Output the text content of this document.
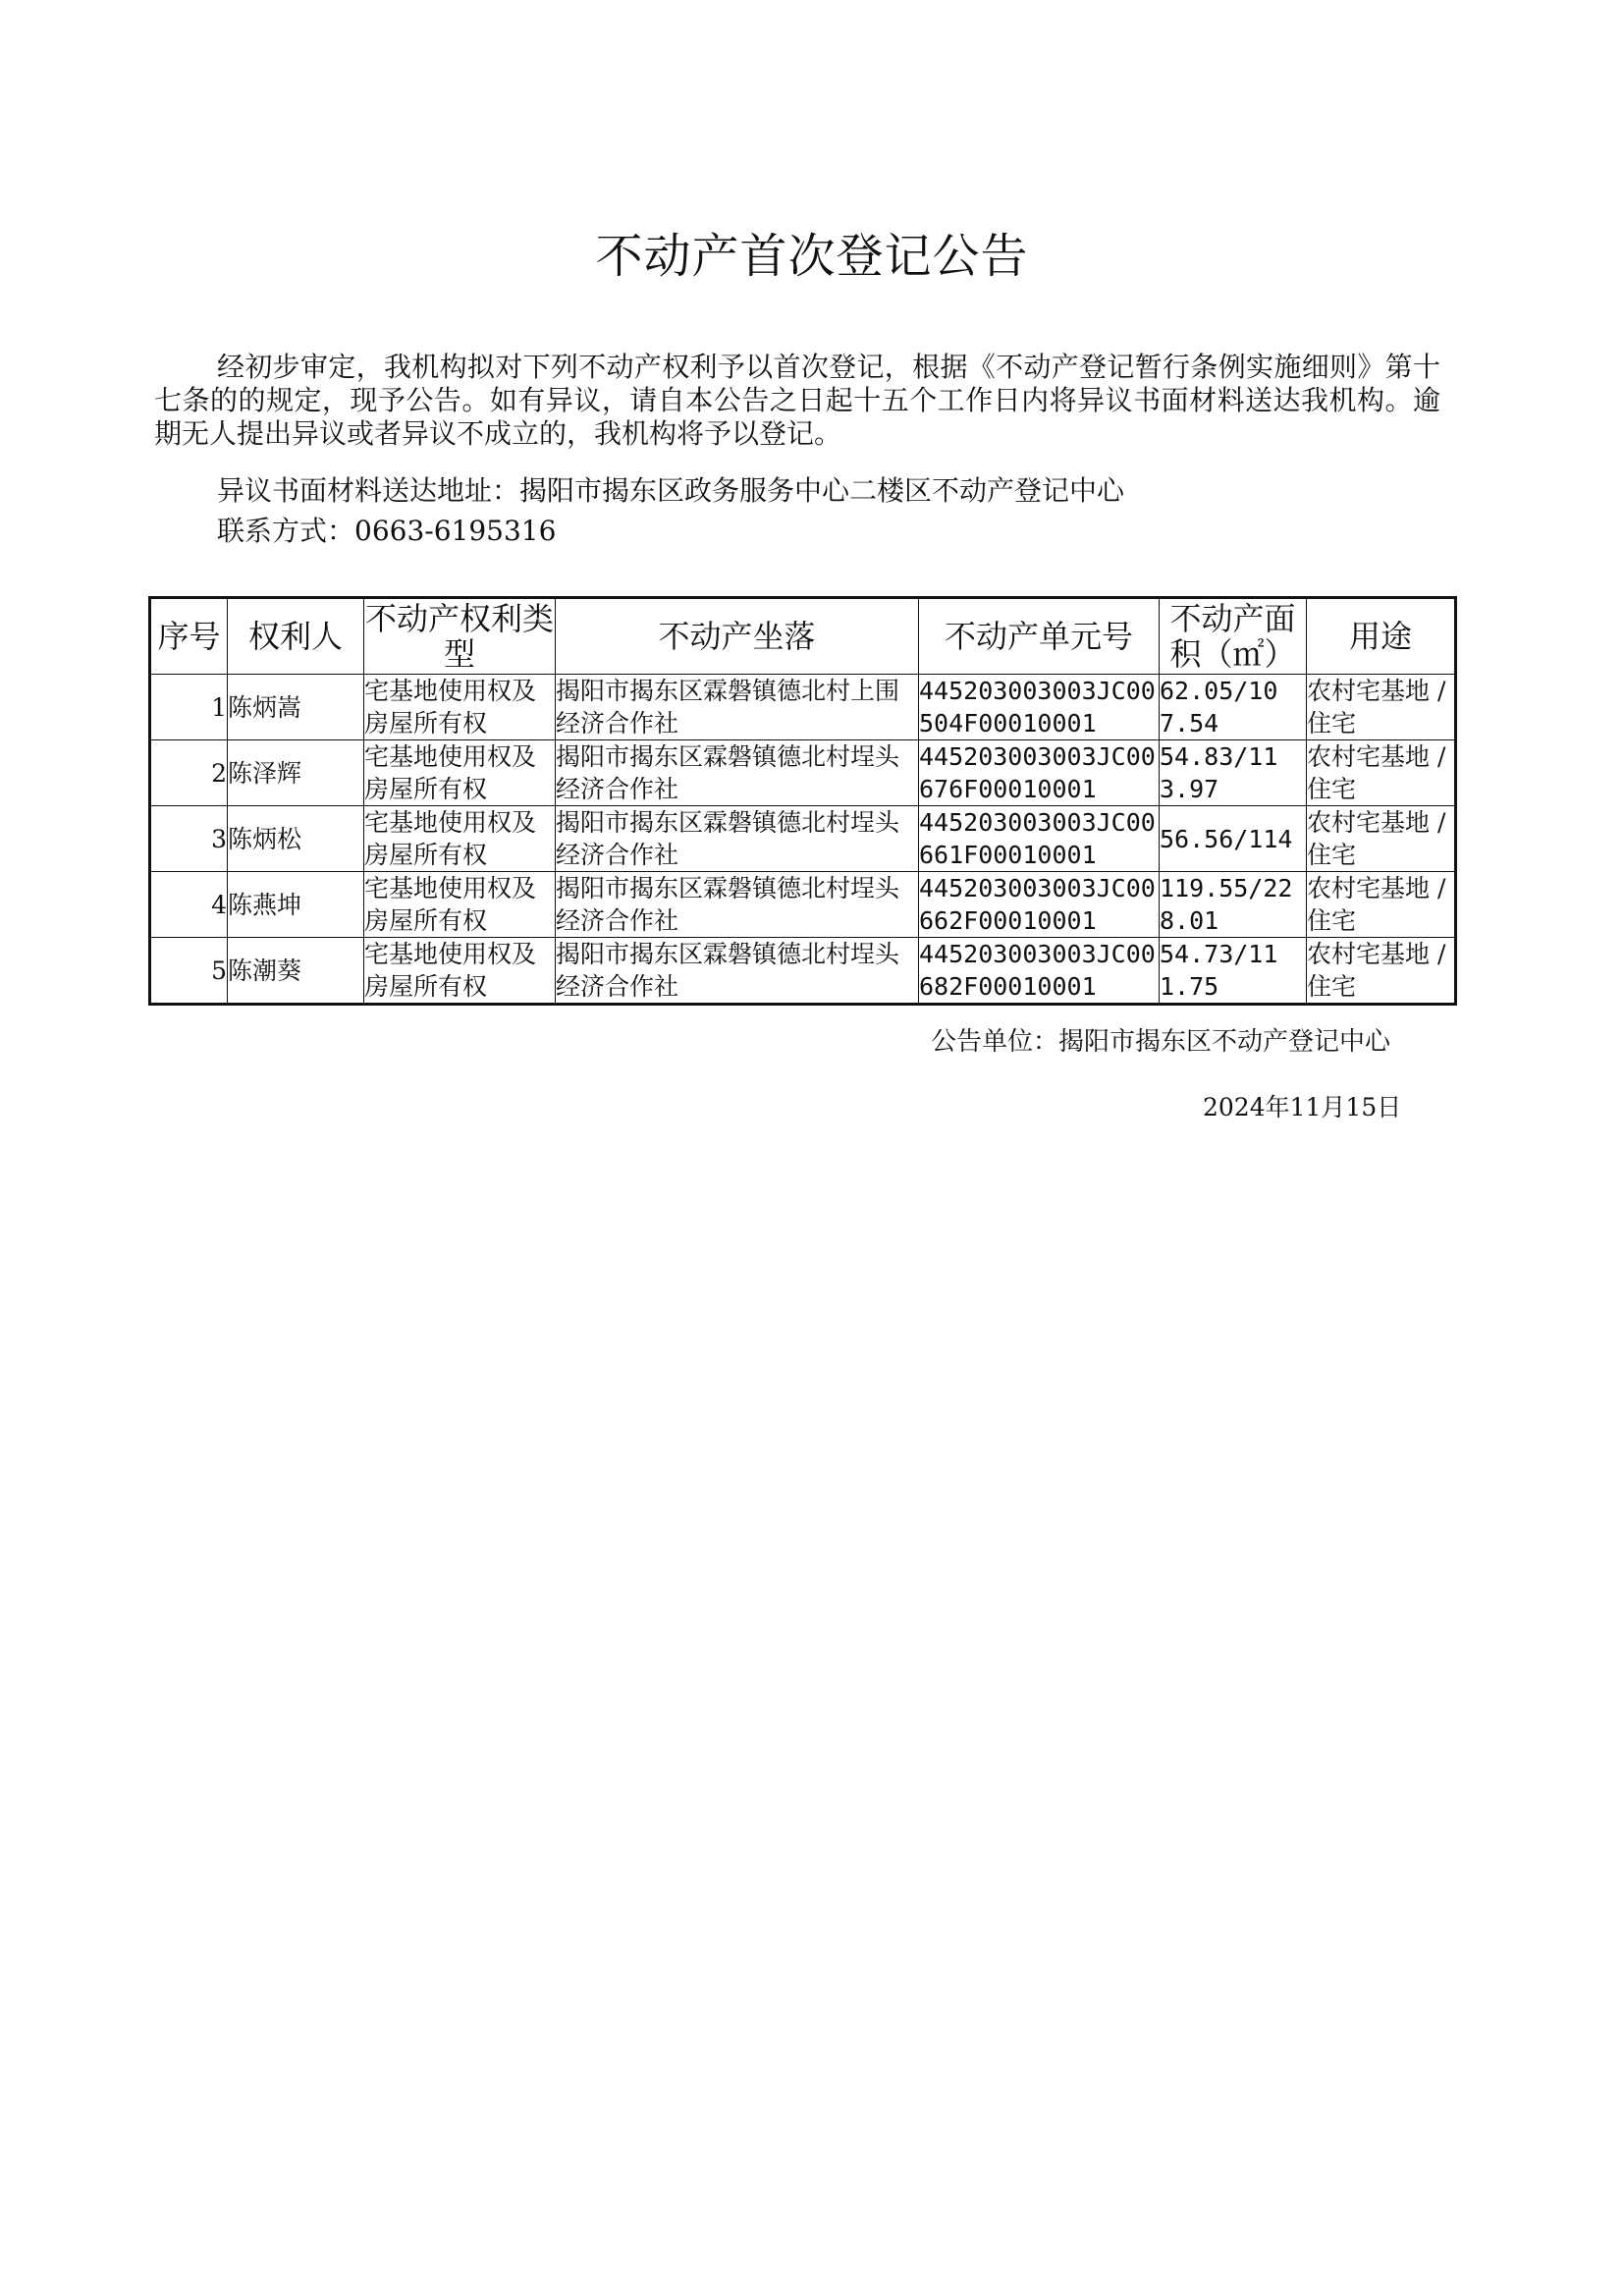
不动产首次登记公告
经初步审定，我机构拟对下列不动产权利予以首次登记，根据《不动产登记暂行条例实施细则》第十七条的的规定，现予公告。如有异议，请自本公告之日起十五个工作日内将异议书面材料送达我机构。逾期无人提出异议或者异议不成立的，我机构将予以登记。
异议书面材料送达地址：揭阳市揭东区政务服务中心二楼区不动产登记中心
联系方式：0663-6195316
序号	权利人	不动产权利类型	不动产坐落	不动产单元号	不动产面积（㎡）	用途
1	陈炳嵩	宅基地使用权及房屋所有权	揭阳市揭东区霖磐镇德北村上围经济合作社	445203003003JC00504F00010001	62.05/107.54	农村宅基地 / 住宅
2	陈泽辉	宅基地使用权及房屋所有权	揭阳市揭东区霖磐镇德北村埕头经济合作社	445203003003JC00676F00010001	54.83/113.97	农村宅基地 / 住宅
3	陈炳松	宅基地使用权及房屋所有权	揭阳市揭东区霖磐镇德北村埕头经济合作社	445203003003JC00661F00010001	56.56/114	农村宅基地 / 住宅
4	陈燕坤	宅基地使用权及房屋所有权	揭阳市揭东区霖磐镇德北村埕头经济合作社	445203003003JC00662F00010001	119.55/228.01	农村宅基地 / 住宅
5	陈潮葵	宅基地使用权及房屋所有权	揭阳市揭东区霖磐镇德北村埕头经济合作社	445203003003JC00682F00010001	54.73/111.75	农村宅基地 / 住宅
公告单位：揭阳市揭东区不动产登记中心
2024年11月15日
